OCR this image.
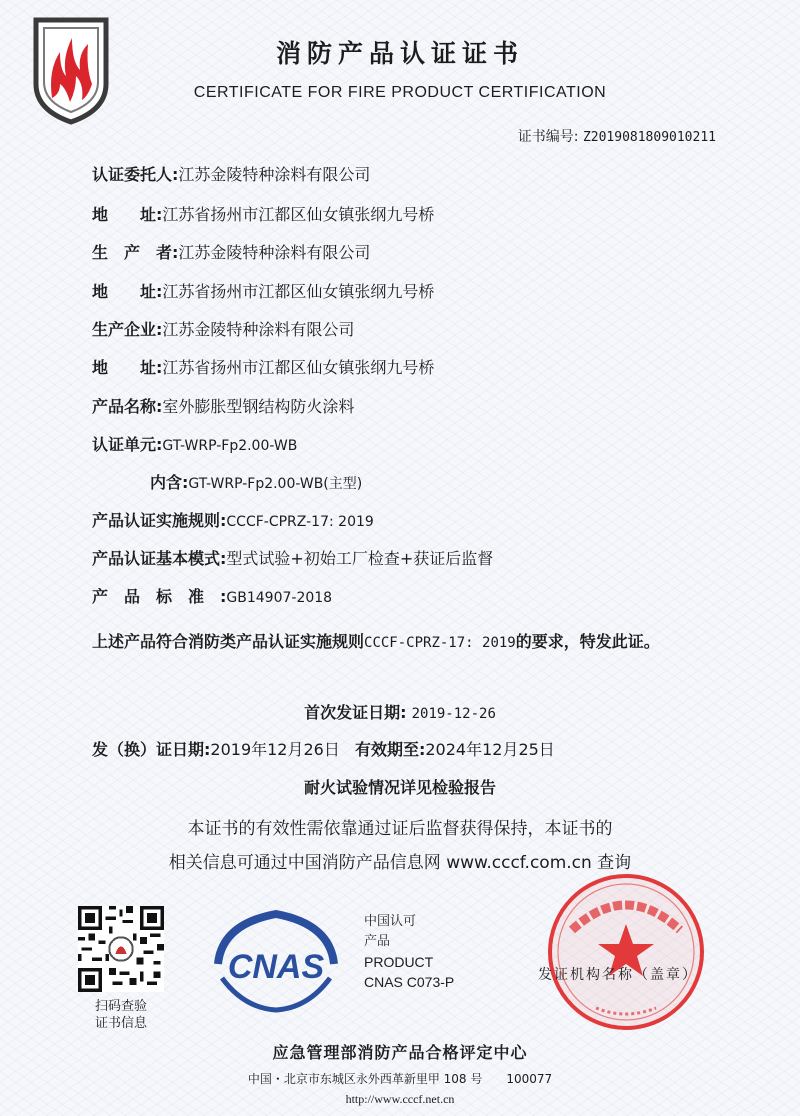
消防产品认证证书
CERTIFICATE FOR FIRE PRODUCT CERTIFICATION
证书编号: Z2019081809010211
认证委托人:江苏金陵特种涂料有限公司
地　　址:江苏省扬州市江都区仙女镇张纲九号桥
生　产　者:江苏金陵特种涂料有限公司
地　　址:江苏省扬州市江都区仙女镇张纲九号桥
生产企业:江苏金陵特种涂料有限公司
地　　址:江苏省扬州市江都区仙女镇张纲九号桥
产品名称:室外膨胀型钢结构防火涂料
认证单元:GT-WRP-Fp2.00-WB
内含:GT-WRP-Fp2.00-WB(主型)
产品认证实施规则:CCCF-CPRZ-17: 2019
产品认证基本模式:型式试验+初始工厂检查+获证后监督
产　品　标　准　:GB14907-2018
上述产品符合消防类产品认证实施规则CCCF-CPRZ-17: 2019的要求，特发此证。
首次发证日期: 2019-12-26
发（换）证日期:2019年12月26日 有效期至:2024年12月25日
耐火试验情况详见检验报告
本证书的有效性需依靠通过证后监督获得保持，本证书的
相关信息可通过中国消防产品信息网 www.cccf.com.cn 查询
扫码查验
证书信息
CNAS
中国认可
产品
PRODUCT
CNAS C073-P	发证机构名称（盖章）
应急管理部消防产品合格评定中心
中国・北京市东城区永外西革新里甲 108 号　　100077
http://www.cccf.net.cn
